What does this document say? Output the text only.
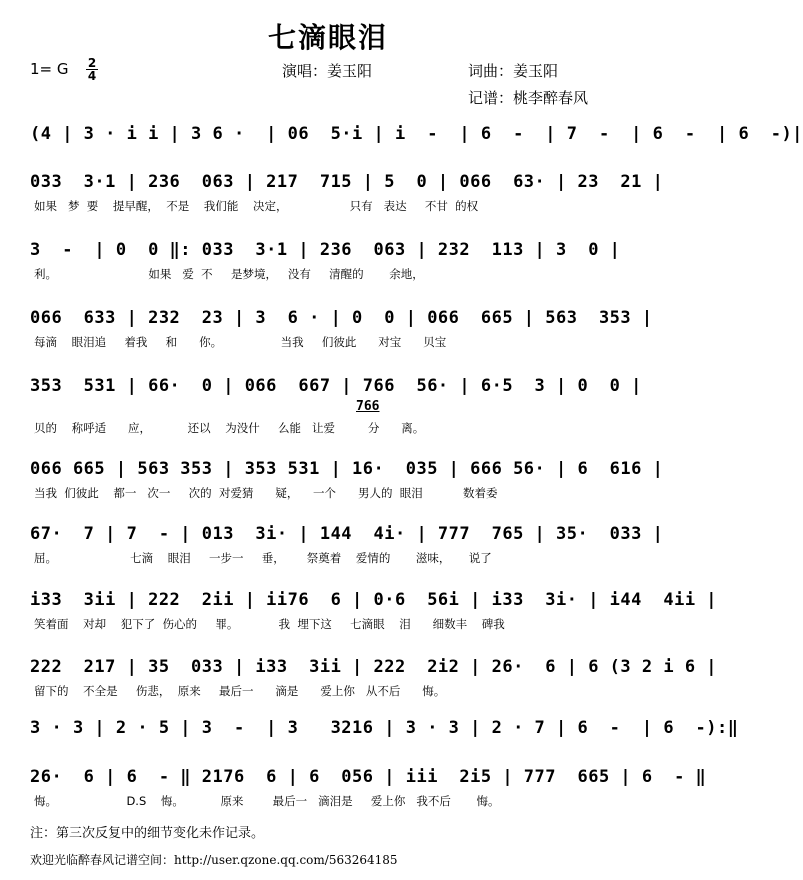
七滴眼泪
1= G 2
4	演唱：姜玉阳	词曲：姜玉阳
记谱：桃李醉春风
(4 | 3 · i i | 3 6 ·  | 06  5·i | i  -  | 6  -  | 7  -  | 6  -  | 6  -)|
033  3·1 | 236  063 | 217  715 | 5  0 | 066  63· | 23  21 |
如果   梦  要    提早醒，  不是    我们能    决定，                 只有   表达     不甘  的权
3  -  | 0  0 ‖: 033  3·1 | 236  063 | 232  113 | 3  0 |
利。                         如果   爱  不     是梦境，   没有     清醒的       余地，
066  633 | 232  23 | 3  6 · | 0  0 | 066  665 | 563  353 |
每滴    眼泪追     着我     和      你。                当我     们彼此      对宝      贝宝
353  531 | 66·  0 | 066  667 | 766  56· | 6·5  3 | 0  0 |
贝的    称呼适      应，          还以    为没什     么能   让爱         分      离。
766
066 665 | 563 353 | 353 531 | 16·  035 | 666 56· | 6  616 |
当我  们彼此    都一   次一     次的  对爱猜      疑，    一个      男人的  眼泪           数着委
67·  7 | 7  - | 013  3i· | 144  4i· | 777  765 | 35·  033 |
屈。                    七滴    眼泪     一步一     垂，      祭奠着    爱情的       滋味，     说了
i33  3ii | 222  2ii | ii76  6 | 0·6  56i | i33  3i· | i44  4ii |
笑着面    对却    犯下了  伤心的     罪。           我  埋下这     七滴眼    泪      细数丰    碑我
222  217 | 35  033 | i33  3ii | 222  2i2 | 26·  6 | 6 (3 2 i 6 |
留下的    不全是     伤悲，  原来     最后一      滴是      爱上你   从不后      悔。
3 · 3 | 2 · 5 | 3  -  | 3   3216 | 3 · 3 | 2 · 7 | 6  -  | 6  -):‖
26·  6 | 6  - ‖ 2176  6 | 6  056 | iii  2i5 | 777  665 | 6  - ‖
悔。                   D.S    悔。          原来        最后一   滴泪是     爱上你   我不后       悔。
注：第三次反复中的细节变化未作记录。
欢迎光临醉春风记谱空间：http://user.qzone.qq.com/563264185
